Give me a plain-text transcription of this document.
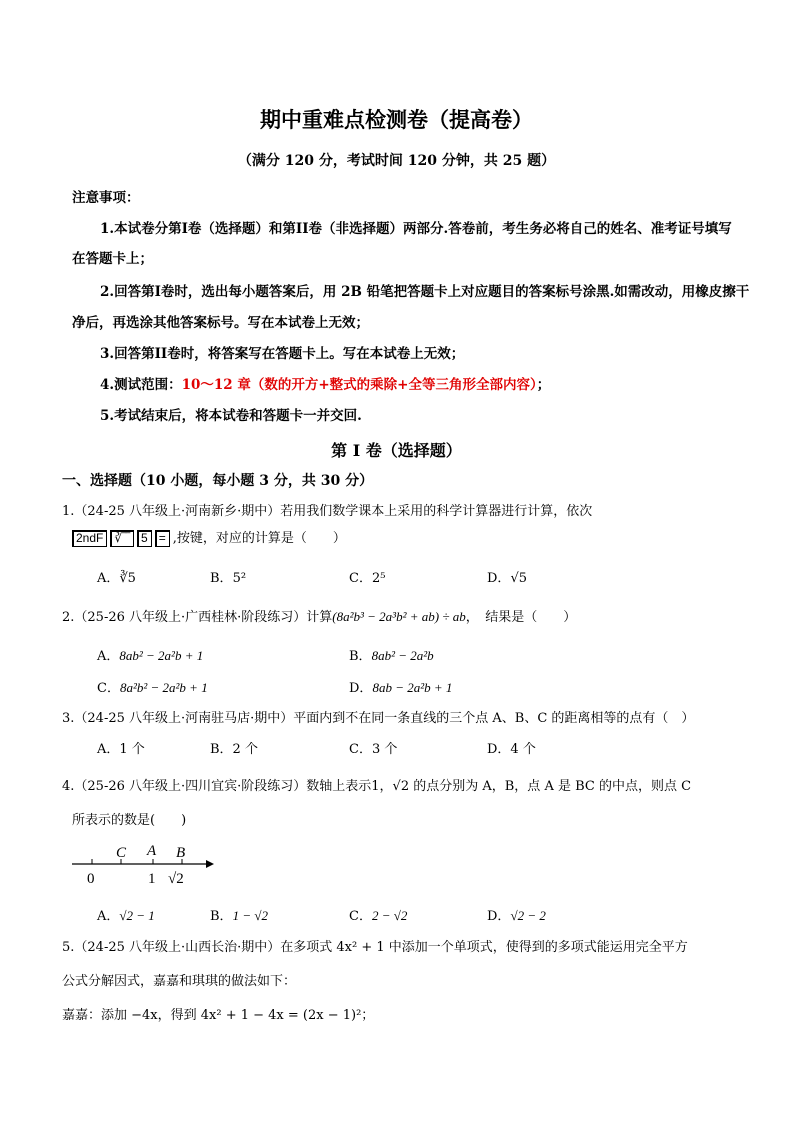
期中重难点检测卷（提高卷）
（满分 120 分，考试时间 120 分钟，共 25 题）
注意事项：
1.本试卷分第I卷（选择题）和第II卷（非选择题）两部分.答卷前，考生务必将自己的姓名、准考证号填写
在答题卡上；
2.回答第I卷时，选出每小题答案后，用 2B 铅笔把答题卡上对应题目的答案标号涂黑.如需改动，用橡皮擦干
净后，再选涂其他答案标号。写在本试卷上无效；
3.回答第II卷时，将答案写在答题卡上。写在本试卷上无效；
4.测试范围：10～12 章（数的开方+整式的乘除+全等三角形全部内容）；
5.考试结束后，将本试卷和答题卡一并交回.
第 I 卷（选择题）
一、选择题（10 小题，每小题 3 分，共 30 分）
1.（24-25 八年级上·河南新乡·期中）若用我们数学课本上采用的科学计算器进行计算，依次
2ndF ∛‾‾ 5 = ,按键，对应的计算是（　　）
A．∛5	B．5²	C．2⁵	D．√5
2.（25-26 八年级上·广西桂林·阶段练习）计算(8a²b³ − 2a³b² + ab) ÷ ab，　结果是（　　）
A．8ab² − 2a²b + 1	B．8ab² − 2a²b
C．8a²b² − 2a²b + 1	D．8ab − 2a²b + 1
3.（24-25 八年级上·河南驻马店·期中）平面内到不在同一条直线的三个点 A、B、C 的距离相等的点有（　）
A．1 个	B．2 个	C．3 个	D．4 个
4.（25-26 八年级上·四川宜宾·阶段练习）数轴上表示1，√2 的点分别为 A，B，点 A 是 BC 的中点，则点 C
所表示的数是(　　)
C A B
0	1 √2
A．√2 − 1	B．1 − √2	C．2 − √2	D．√2 − 2
5.（24-25 八年级上·山西长治·期中）在多项式 4x² + 1 中添加一个单项式，使得到的多项式能运用完全平方
公式分解因式，嘉嘉和琪琪的做法如下：
嘉嘉：添加 −4x，得到 4x² + 1 − 4x = (2x − 1)²；
